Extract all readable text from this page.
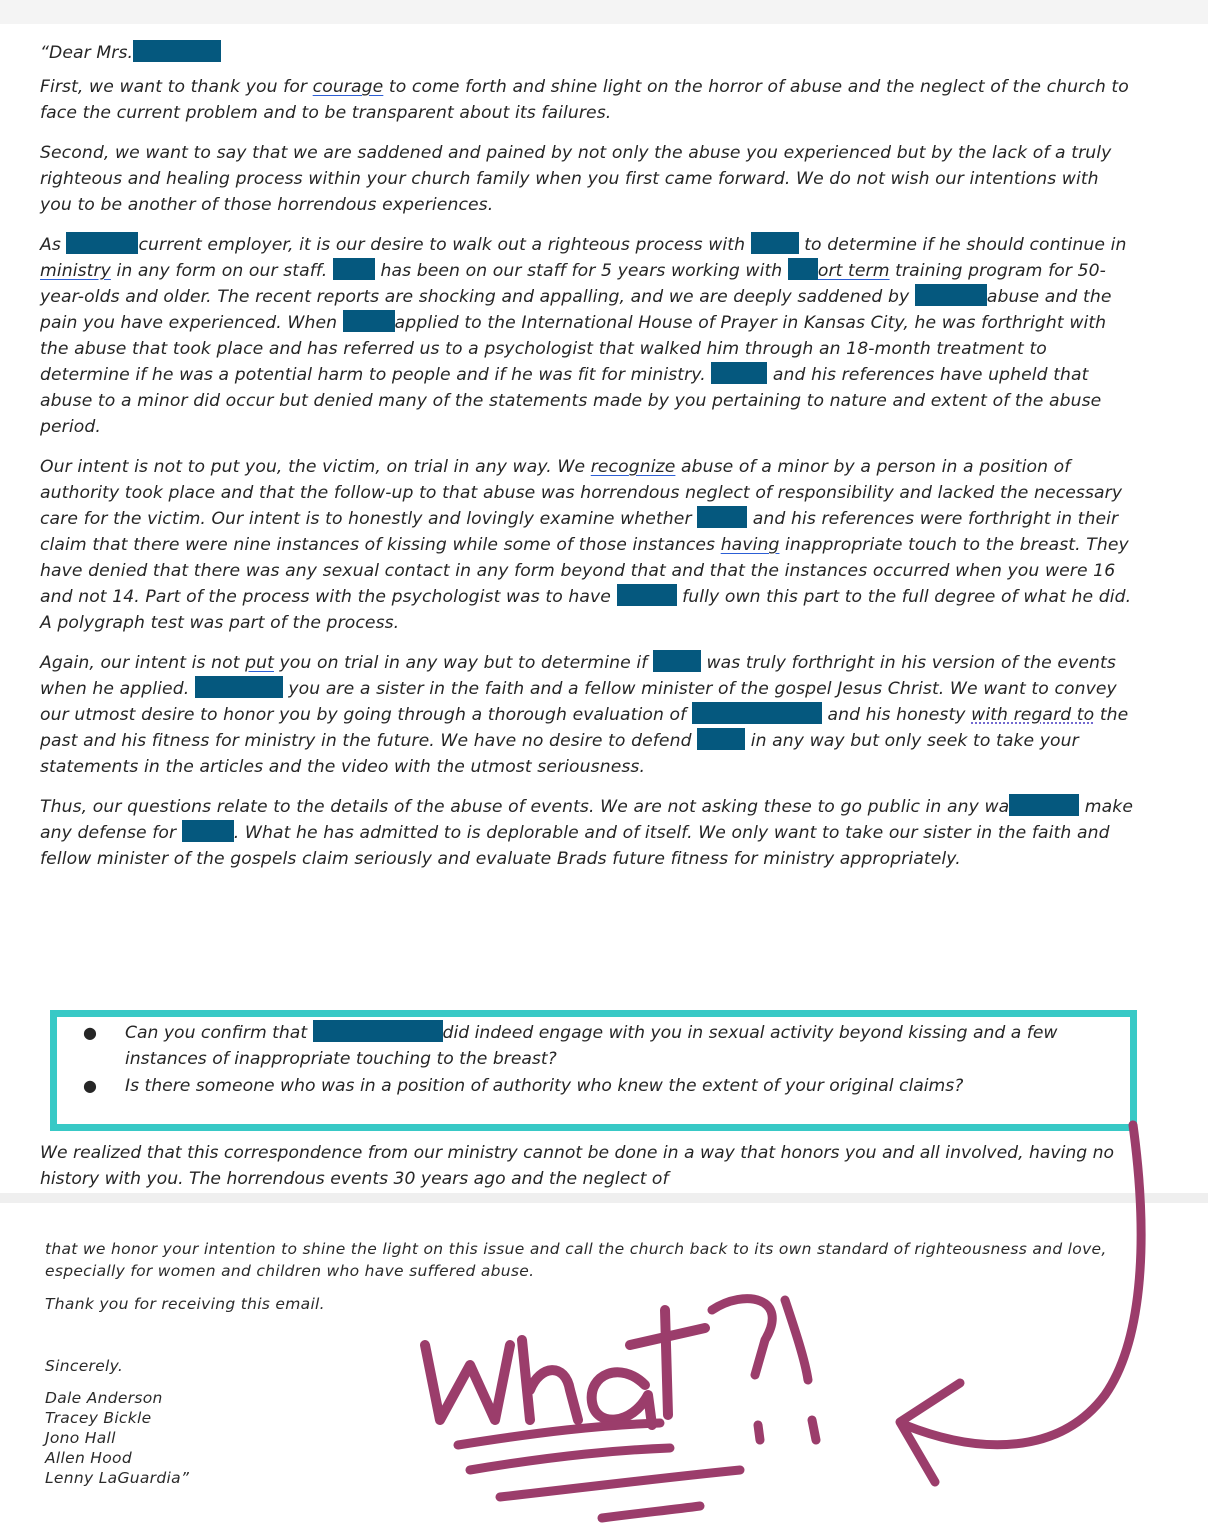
“Dear Mrs.

First, we want to thank you for courage to come forth and shine light on the horror of abuse and the neglect of the church to face the current problem and to be transparent about its failures.

Second, we want to say that we are saddened and pained by not only the abuse you experienced but by the lack of a truly righteous and healing process within your church family when you first came forward. We do not wish our intentions with you to be another of those horrendous experiences.

As	current employer, it is our desire to walk out a righteous process with	to determine if he should continue in ministry in any form on our staff.  has been on our staff for 5 years working with ort term training program for 50-year-olds and older. The recent reports are shocking and appalling, and we are deeply saddened by	abuse and the pain you have experienced. When	applied to the International House of Prayer in Kansas City, he was forthright with the abuse that took place and has referred us to a psychologist that walked him through an 18-month treatment to determine if he was a potential harm to people and if he was fit for ministry.	and his references have upheld that abuse to a minor did occur but denied many of the statements made by you pertaining to nature and extent of the abuse period.

Our intent is not to put you, the victim, on trial in any way. We recognize abuse of a minor by a person in a position of authority took place and that the follow-up to that abuse was horrendous neglect of responsibility and lacked the necessary care for the victim. Our intent is to honestly and lovingly examine whether	and his references were forthright in their claim that there were nine instances of kissing while some of those instances having inappropriate touch to the breast. They have denied that there was any sexual contact in any form beyond that and that the instances occurred when you were 16 and not 14. Part of the process with the psychologist was to have	fully own this part to the full degree of what he did. A polygraph test was part of the process.

Again, our intent is not put you on trial in any way but to determine if	was truly forthright in his version of the events when he applied.	you are a sister in the faith and a fellow minister of the gospel Jesus Christ. We want to convey our utmost desire to honor you by going through a thorough evaluation of	and his honesty with regard to the past and his fitness for ministry in the future. We have no desire to defend	in any way but only seek to take your statements in the articles and the video with the utmost seriousness.

Thus, our questions relate to the details of the abuse of events. We are not asking these to go public in any wa	make any defense for	. What he has admitted to is deplorable and of itself. We only want to take our sister in the faith and fellow minister of the gospels claim seriously and evaluate Brads future fitness for ministry appropriately.

● Can you confirm that	did indeed engage with you in sexual activity beyond kissing and a few instances of inappropriate touching to the breast?
● Is there someone who was in a position of authority who knew the extent of your original claims?
We realized that this correspondence from our ministry cannot be done in a way that honors you and all involved, having no history with you. The horrendous events 30 years ago and the neglect of

that we honor your intention to shine the light on this issue and call the church back to its own standard of righteousness and love, especially for women and children who have suffered abuse.

Thank you for receiving this email.

Sincerely.

Dale Anderson
Tracey Bickle
Jono Hall
Allen Hood
Lenny LaGuardia”
